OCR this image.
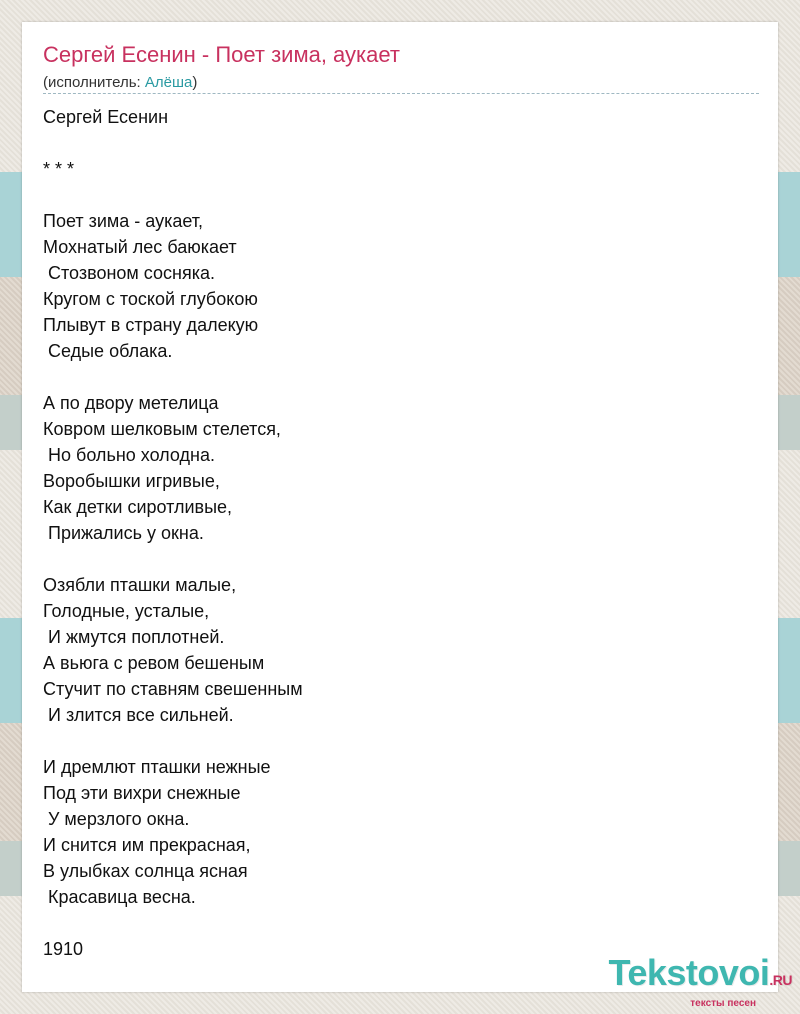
Сергей Есенин - Поет зима, аукает
(исполнитель: Алёша)
Сергей Есенин
* * *
Поет зима - аукает,
Мохнатый лес баюкает
Стозвоном сосняка.
Кругом с тоской глубокою
Плывут в страну далекую
Седые облака.
А по двору метелица
Ковром шелковым стелется,
Но больно холодна.
Воробышки игривые,
Как детки сиротливые,
Прижались у окна.
Озябли пташки малые,
Голодные, усталые,
И жмутся поплотней.
А вьюга с ревом бешеным
Стучит по ставням свешенным
И злится все сильней.
И дремлют пташки нежные
Под эти вихри снежные
У мерзлого окна.
И снится им прекрасная,
В улыбках солнца ясная
Красавица весна.
1910
Tekstovoi.RU
тексты песен
